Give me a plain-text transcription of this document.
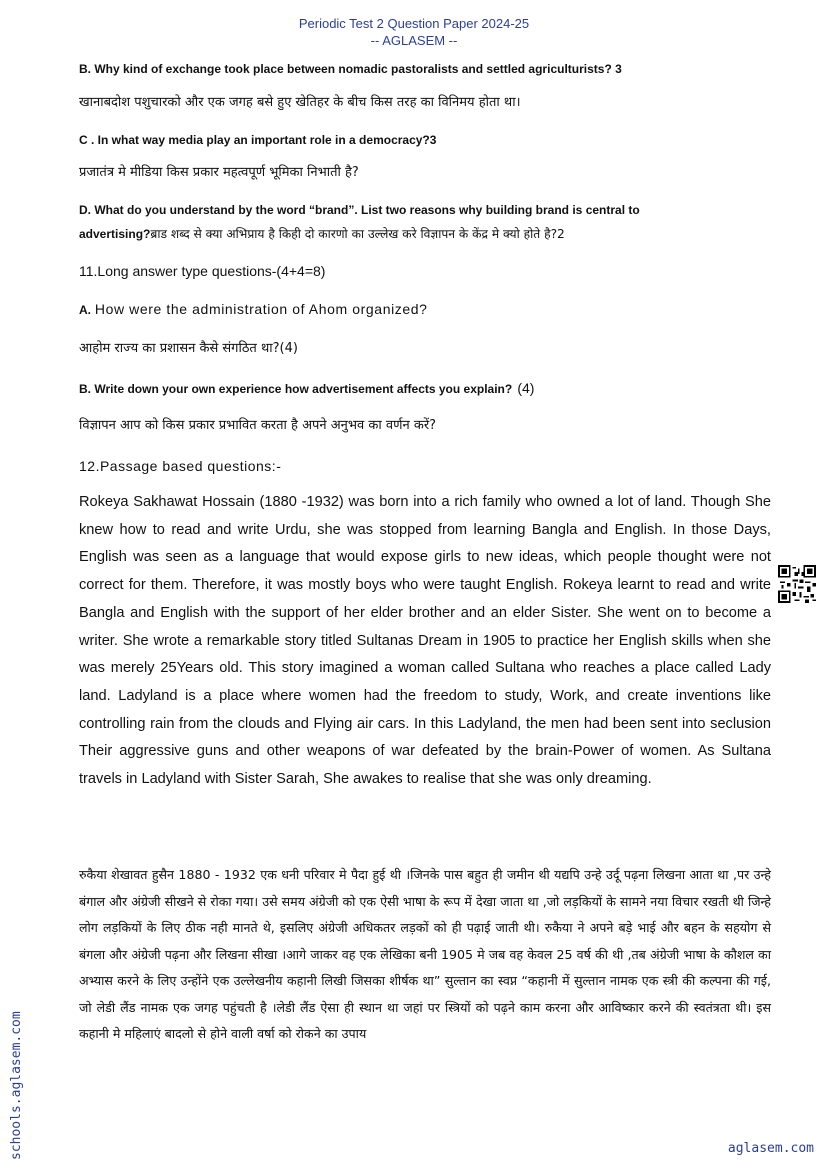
Periodic Test 2 Question Paper 2024-25
-- AGLASEM --
B. Why kind of exchange took place between nomadic pastoralists and settled agriculturists? 3
खानाबदोश पशुचारको और एक जगह बसे हुए खेतिहर के बीच किस तरह का विनिमय होता था।
C . In what way media play an important role in a democracy?3
प्रजातंत्र मे मीडिया किस प्रकार महत्वपूर्ण भूमिका निभाती है?
D. What do you understand by the word “brand”. List two reasons why building brand is central to
advertising?ब्राड शब्द से क्या अभिप्राय है किही दो कारणो का उल्लेख करे विज्ञापन के केंद्र मे क्यो होते है?2
11.Long answer type questions-(4+4=8)
A. How were the administration of Ahom organized?
आहोम राज्य का प्रशासन कैसे संगठित था?(4)
B. Write down your own experience how advertisement affects you explain? (4)
विज्ञापन आप को किस प्रकार प्रभावित करता है अपने अनुभव का वर्णन करें?
12.Passage based questions:-
Rokeya Sakhawat Hossain (1880 -1932) was born into a rich family who owned a lot of land. Though She knew how to read and write Urdu, she was stopped from learning Bangla and English. In those Days, English was seen as a language that would expose girls to new ideas, which people thought were not correct for them. Therefore, it was mostly boys who were taught English. Rokeya learnt to read and write Bangla and English with the support of her elder brother and an elder Sister. She went on to become a writer. She wrote a remarkable story titled Sultanas Dream in 1905 to practice her English skills when she was merely 25Years old. This story imagined a woman called Sultana who reaches a place called Lady land. Ladyland is a place where women had the freedom to study, Work, and create inventions like controlling rain from the clouds and Flying air cars. In this Ladyland, the men had been sent into seclusion Their aggressive guns and other weapons of war defeated by the brain-Power of women. As Sultana travels in Ladyland with Sister Sarah, She awakes to realise that she was only dreaming.
रुकैया शेखावत हुसैन 1880 - 1932 एक धनी परिवार मे पैदा हुई थी ।जिनके पास बहुत ही जमीन थी यद्यपि उन्हे उर्दू पढ़ना लिखना आता था ,पर उन्हे बंगाल और अंग्रेजी सीखने से रोका गया। उसे समय अंग्रेजी को एक ऐसी भाषा के रूप में देखा जाता था ,जो लड़कियों के सामने नया विचार रखती थी जिन्हे लोग लड़कियों के लिए ठीक नही मानते थे, इसलिए अंग्रेजी अधिकतर लड़कों को ही पढ़ाई जाती थी। रुकैया ने अपने बड़े भाई और बहन के सहयोग से बंगला और अंग्रेजी पढ़ना और लिखना सीखा ।आगे जाकर वह एक लेखिका बनी 1905 मे जब वह केवल 25 वर्ष की थी ,तब अंग्रेजी भाषा के कौशल का अभ्यास करने के लिए उन्होंने एक उल्लेखनीय कहानी लिखी जिसका शीर्षक था” सुल्तान का स्वप्न “कहानी में सुल्तान नामक एक स्त्री की कल्पना की गई, जो लेडी लैंड नामक एक जगह पहुंचती है ।लेडी लैंड ऐसा ही स्थान था जहां पर स्त्रियों को पढ़ने काम करना और आविष्कार करने की स्वतंत्रता थी। इस कहानी मे महिलाएं बादलो से होने वाली वर्षा को रोकने का उपाय
schools.aglasem.com	aglasem.com
